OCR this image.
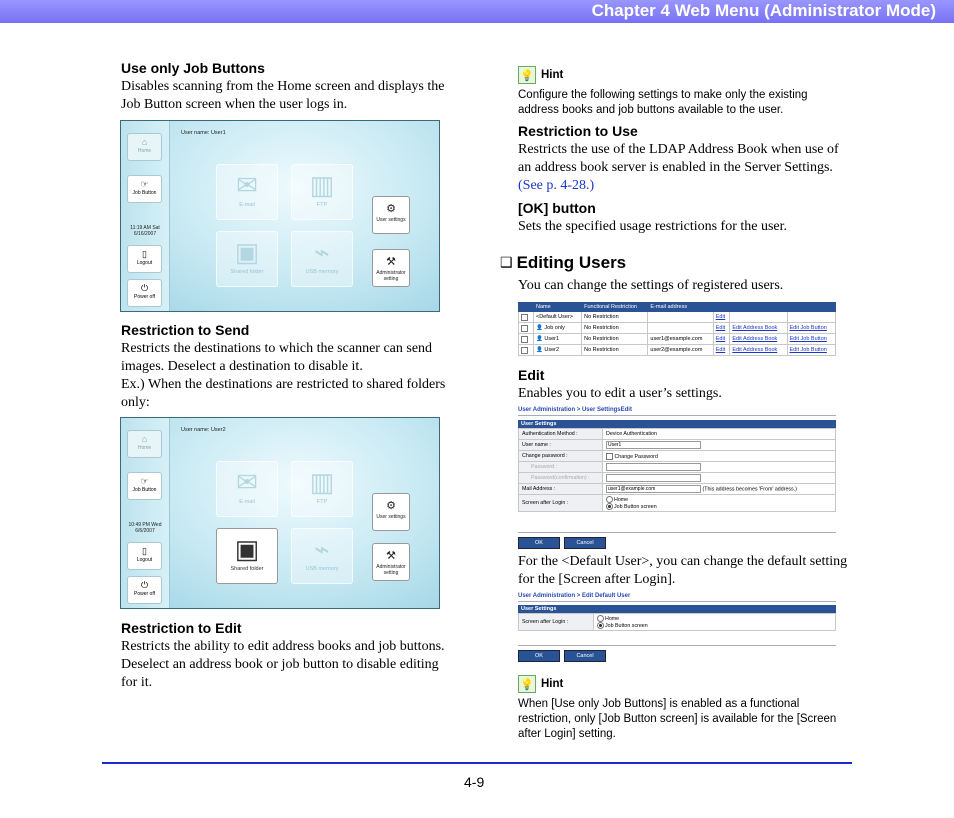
Chapter 4 Web Menu (Administrator Mode)
Use only Job Buttons
Disables scanning from the Home screen and displays the Job Button screen when the user logs in.
⌂
Home
☞
Job Button
11:19 AM Sat
6/16/2007
▯
Logout
⏻
Power off
User name: User1
✉
E-mail
▥
FTP
▣
Shared folder
⌁
USB memory
⚙
User settings
⚒
Administrator setting
Restriction to Send
Restricts the destinations to which the scanner can send images. Deselect a destination to disable it.
Ex.) When the destinations are restricted to shared folders only:
⌂
Home
☞
Job Button
10:49 PM Wed
6/6/2007
▯
Logout
⏻
Power off
User name: User2
✉
E-mail
▥
FTP
▣
Shared folder
⌁
USB memory
⚙
User settings
⚒
Administrator setting
Restriction to Edit
Restricts the ability to edit address books and job buttons. Deselect an address book or job button to disable editing for it.
💡 Hint
Configure the following settings to make only the existing address books and job buttons available to the user.
Restriction to Use
Restricts the use of the LDAP Address Book when use of an address book server is enabled in the Server Settings. (See p. 4-28.)
[OK] button
Sets the specified usage restrictions for the user.
❑ Editing Users
You can change the settings of registered users.
	Name	Functional Restriction	E-mail address			
	<Default User>	No Restriction		Edit		
	👤 Job only	No Restriction		Edit	Edit Address Book	Edit Job Button
	👤 User1	No Restriction	user1@example.com	Edit	Edit Address Book	Edit Job Button
	👤 User2	No Restriction	user2@example.com	Edit	Edit Address Book	Edit Job Button
Edit
Enables you to edit a user’s settings.
User Administration > User SettingsEdit
User Settings
Authentication Method :	Device Authentication
User name :	User1
Change password :	Change Password
Password :	
Password(confirmation) :	
Mail Address :	user1@example.com (This address becomes 'From' address.)
Screen after Login :	Home
Job Button screen
OK	Cancel
For the <Default User>, you can change the default setting for the [Screen after Login].
User Administration > Edit Default User
User Settings
Screen after Login :	
Home
Job Button screen
OK	Cancel
💡 Hint
When [Use only Job Buttons] is enabled as a functional restriction, only [Job Button screen] is available for the [Screen after Login] setting.
4-9
